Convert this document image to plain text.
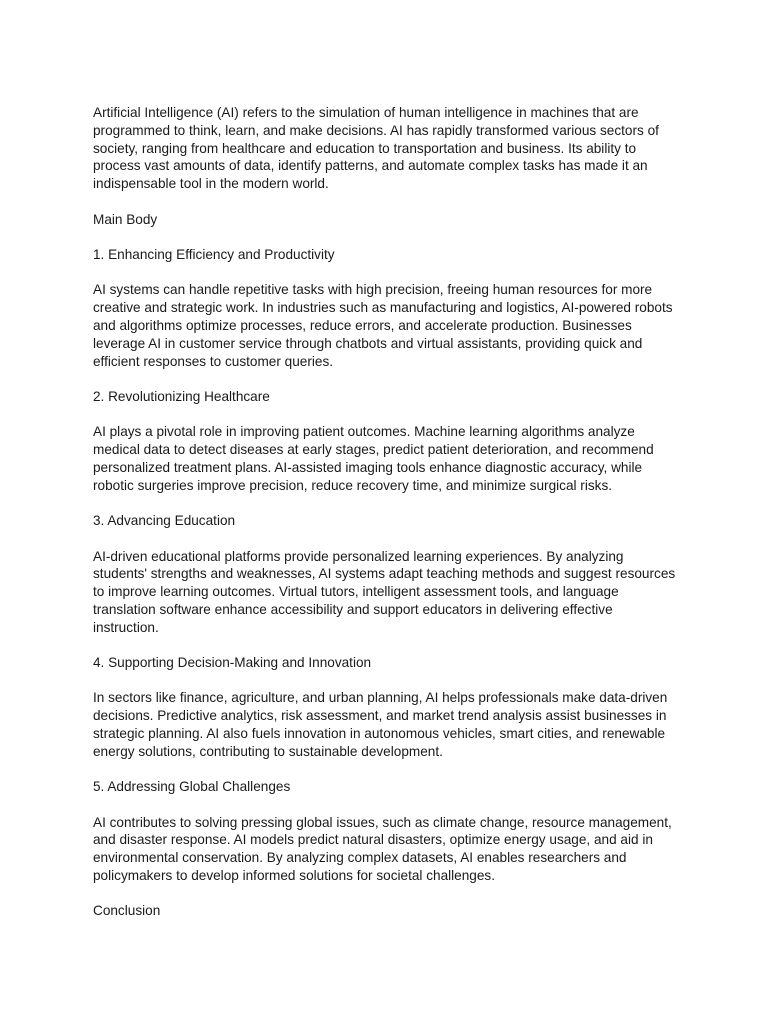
Artificial Intelligence (AI) refers to the simulation of human intelligence in machines that are programmed to think, learn, and make decisions. AI has rapidly transformed various sectors of society, ranging from healthcare and education to transportation and business. Its ability to process vast amounts of data, identify patterns, and automate complex tasks has made it an indispensable tool in the modern world.

Main Body

1. Enhancing Efficiency and Productivity

AI systems can handle repetitive tasks with high precision, freeing human resources for more creative and strategic work. In industries such as manufacturing and logistics, AI-powered robots and algorithms optimize processes, reduce errors, and accelerate production. Businesses leverage AI in customer service through chatbots and virtual assistants, providing quick and efficient responses to customer queries.

2. Revolutionizing Healthcare

AI plays a pivotal role in improving patient outcomes. Machine learning algorithms analyze medical data to detect diseases at early stages, predict patient deterioration, and recommend personalized treatment plans. AI-assisted imaging tools enhance diagnostic accuracy, while robotic surgeries improve precision, reduce recovery time, and minimize surgical risks.

3. Advancing Education

AI-driven educational platforms provide personalized learning experiences. By analyzing students' strengths and weaknesses, AI systems adapt teaching methods and suggest resources to improve learning outcomes. Virtual tutors, intelligent assessment tools, and language translation software enhance accessibility and support educators in delivering effective instruction.

4. Supporting Decision-Making and Innovation

In sectors like finance, agriculture, and urban planning, AI helps professionals make data-driven decisions. Predictive analytics, risk assessment, and market trend analysis assist businesses in strategic planning. AI also fuels innovation in autonomous vehicles, smart cities, and renewable energy solutions, contributing to sustainable development.

5. Addressing Global Challenges

AI contributes to solving pressing global issues, such as climate change, resource management, and disaster response. AI models predict natural disasters, optimize energy usage, and aid in environmental conservation. By analyzing complex datasets, AI enables researchers and policymakers to develop informed solutions for societal challenges.

Conclusion
